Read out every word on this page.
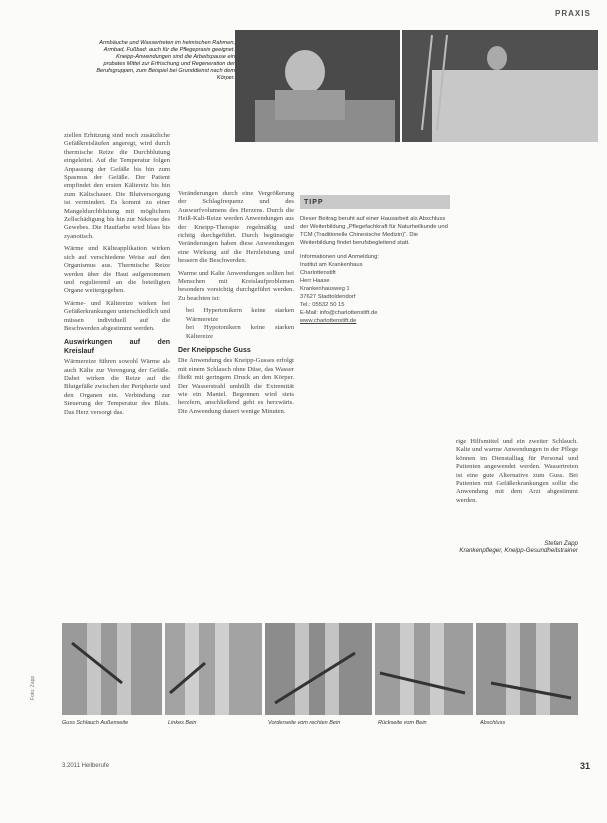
PRAXIS
Armbäuche und Wassertreten im heimischen Rahmen, Armbad, Fußbad: auch für die Pflegepraxis geeignet. Kneipp-Anwendungen sind die Arbeitspause ein probates Mittel zur Erfrischung und Regeneration der Berufsgruppen, zum Beispiel bei Grunddienst nach dem Körper.

ziellen Erhitzung sind noch zusätzliche Gefäßkreisläufen angeregt, wird durch thermische Reize die Durchblutung eingeleitet. Auf die Temperatur folgen Anpassung der Gefäße bis hin zum Spasmus der Gefäße. Der Patient empfindet den ersten Kältereiz bis hin zum Kältschauer. Die Blutversorgung ist vermindert. Es kommt zu einer Mangeldurchblutung mit möglichem Zellschädigung bis hin zur Nekrose des Gewebes. Die Hautfarbe wird blass bis zyanotisch.

Wärme und Kälteapplikation wirken sich auf verschiedene Weise auf den Organismus aus. Thermische Reize werden über die Haut aufgenommen und regulierend an die beteiligten Organe weitergegeben.

Wärme- und Kältereize wirken bei Gefäßerkrankungen unterschiedlich und müssen individuell auf die Beschwerden abgestimmt werden.

Auswirkungen auf den Kreislauf

Wärmereize führen sowohl Wärme als auch Kälte zur Verengung der Gefäße. Dabei wirken die Reize auf die Blutgefäße zwischen der Peripherie und den Organen ein. Verbindung zur Steuerung der Temperatur des Bluts. Das Herz versorgt das.

Veränderungen durch eine Vergrößerung der Schlagfrequenz und des Auswurfvolumens des Herzens. Durch die Heiß-Kalt-Reize werden Anwendungen aus der Kneipp-Therapie regelmäßig und richtig durchgeführt. Durch begünstigte Veränderungen haben diese Anwendungen eine Wirkung auf die Herzleistung und bessern die Beschwerden.

Warme und Kalte Anwendungen sollten bei Menschen mit Kreislaufproblemen besonders vorsichtig durchgeführt werden. Zu beachten ist:

• bei Hypertonikern keine starken Wärmereize
• bei Hypotonikern keine starken Kältereize
Der Kneippsche Guss

Die Anwendung des Kneipp-Gusses erfolgt mit einem Schlauch ohne Düse, das Wasser fließt mit geringem Druck an den Körper. Der Wasserstrahl umhüllt die Extremität wie ein Mantel. Begonnen wird stets herzfern, anschließend geht es herzwärts. Die Anwendung dauert wenige Minuten.

TIPP
Dieser Beitrag beruht auf einer Hausarbeit als Abschluss der Weiterbildung „Pflegefachkraft für Naturheilkunde und TCM (Traditionelle Chinesische Medizin)“. Die Weiterbildung findet berufsbegleitend statt.
Informationen und Anmeldung:
Institut am Krankenhaus
Charlottenstift
Herr Haase
Krankenhausweg 1
37627 Stadtoldendorf
Tel.: 05532 50 15
E-Mail: info@charlottenstift.de
www.charlottenstift.de

rige Hilfsmittel und ein zweiter Schlauch. Kalte und warme Anwendungen in der Pflege können im Dienstalltag für Personal und Patienten angewendet werden. Wassertreten ist eine gute Alternative zum Guss. Bei Patienten mit Gefäßerkrankungen sollte die Anwendung mit dem Arzt abgestimmt werden.

Stefan Zapp
Krankenpfleger, Kneipp-Gesundheitstrainer
Guss Schlauch Außenseite	Linkes Bein	Vorderseite vom rechten Bein	Rückseite vom Bein	Abschluss
Foto: Zapp
3.2011 Heilberufe	31
